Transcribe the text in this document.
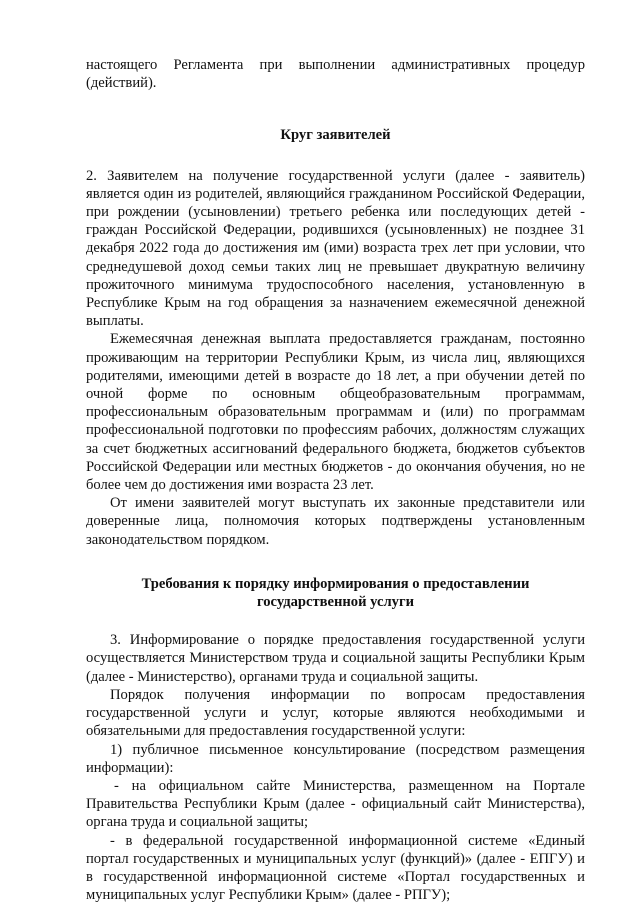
настоящего Регламента при выполнении административных процедур (действий).

Круг заявителей

2. Заявителем на получение государственной услуги (далее - заявитель) является один из родителей, являющийся гражданином Российской Федерации, при рождении (усыновлении) третьего ребенка или последующих детей - граждан Российской Федерации, родившихся (усыновленных) не позднее 31 декабря 2022 года до достижения им (ими) возраста трех лет при условии, что среднедушевой доход семьи таких лиц не превышает двукратную величину прожиточного минимума трудоспособного населения, установленную в Республике Крым на год обращения за назначением ежемесячной денежной выплаты.

Ежемесячная денежная выплата предоставляется гражданам, постоянно проживающим на территории Республики Крым, из числа лиц, являющихся родителями, имеющими детей в возрасте до 18 лет, а при обучении детей по очной форме по основным общеобразовательным программам, профессиональным образовательным программам и (или) по программам профессиональной подготовки по профессиям рабочих, должностям служащих за счет бюджетных ассигнований федерального бюджета, бюджетов субъектов Российской Федерации или местных бюджетов - до окончания обучения, но не более чем до достижения ими возраста 23 лет.

От имени заявителей могут выступать их законные представители или доверенные лица, полномочия которых подтверждены установленным законодательством порядком.

Требования к порядку информирования о предоставлении
государственной услуги

3. Информирование о порядке предоставления государственной услуги осуществляется Министерством труда и социальной защиты Республики Крым (далее - Министерство), органами труда и социальной защиты.

Порядок получения информации по вопросам предоставления государственной услуги и услуг, которые являются необходимыми и обязательными для предоставления государственной услуги:

1) публичное письменное консультирование (посредством размещения информации):

- на официальном сайте Министерства, размещенном на Портале Правительства Республики Крым (далее - официальный сайт Министерства), органа труда и социальной защиты;

- в федеральной государственной информационной системе «Единый портал государственных и муниципальных услуг (функций)» (далее - ЕПГУ) и в государственной информационной системе «Портал государственных и муниципальных услуг Республики Крым» (далее - РПГУ);
